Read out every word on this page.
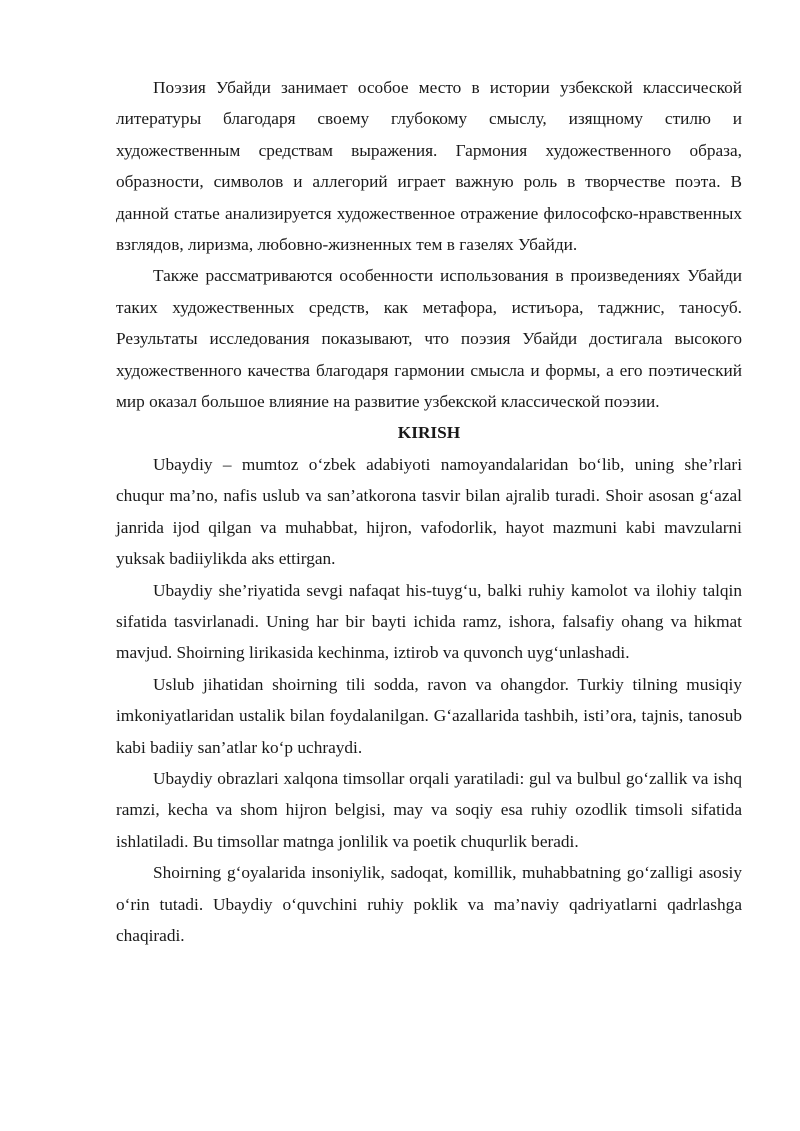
Поэзия Убайди занимает особое место в истории узбекской классической литературы благодаря своему глубокому смыслу, изящному стилю и художественным средствам выражения. Гармония художественного образа, образности, символов и аллегорий играет важную роль в творчестве поэта. В данной статье анализируется художественное отражение философско-нравственных взглядов, лиризма, любовно-жизненных тем в газелях Убайди.

Также рассматриваются особенности использования в произведениях Убайди таких художественных средств, как метафора, истиъора, таджнис, таносуб. Результаты исследования показывают, что поэзия Убайди достигала высокого художественного качества благодаря гармонии смысла и формы, а его поэтический мир оказал большое влияние на развитие узбекской классической поэзии.

KIRISH

Ubaydiy – mumtoz o‘zbek adabiyoti namoyandalaridan bo‘lib, uning she’rlari chuqur ma’no, nafis uslub va san’atkorona tasvir bilan ajralib turadi. Shoir asosan g‘azal janrida ijod qilgan va muhabbat, hijron, vafodorlik, hayot mazmuni kabi mavzularni yuksak badiiylikda aks ettirgan.

Ubaydiy she’riyatida sevgi nafaqat his-tuyg‘u, balki ruhiy kamolot va ilohiy talqin sifatida tasvirlanadi. Uning har bir bayti ichida ramz, ishora, falsafiy ohang va hikmat mavjud. Shoirning lirikasida kechinma, iztirob va quvonch uyg‘unlashadi.

Uslub jihatidan shoirning tili sodda, ravon va ohangdor. Turkiy tilning musiqiy imkoniyatlaridan ustalik bilan foydalanilgan. G‘azallarida tashbih, isti’ora, tajnis, tanosub kabi badiiy san’atlar ko‘p uchraydi.

Ubaydiy obrazlari xalqona timsollar orqali yaratiladi: gul va bulbul go‘zallik va ishq ramzi, kecha va shom hijron belgisi, may va soqiy esa ruhiy ozodlik timsoli sifatida ishlatiladi. Bu timsollar matnga jonlilik va poetik chuqurlik beradi.

Shoirning g‘oyalarida insoniylik, sadoqat, komillik, muhabbatning go‘zalligi asosiy o‘rin tutadi. Ubaydiy o‘quvchini ruhiy poklik va ma’naviy qadriyatlarni qadrlashga chaqiradi.
